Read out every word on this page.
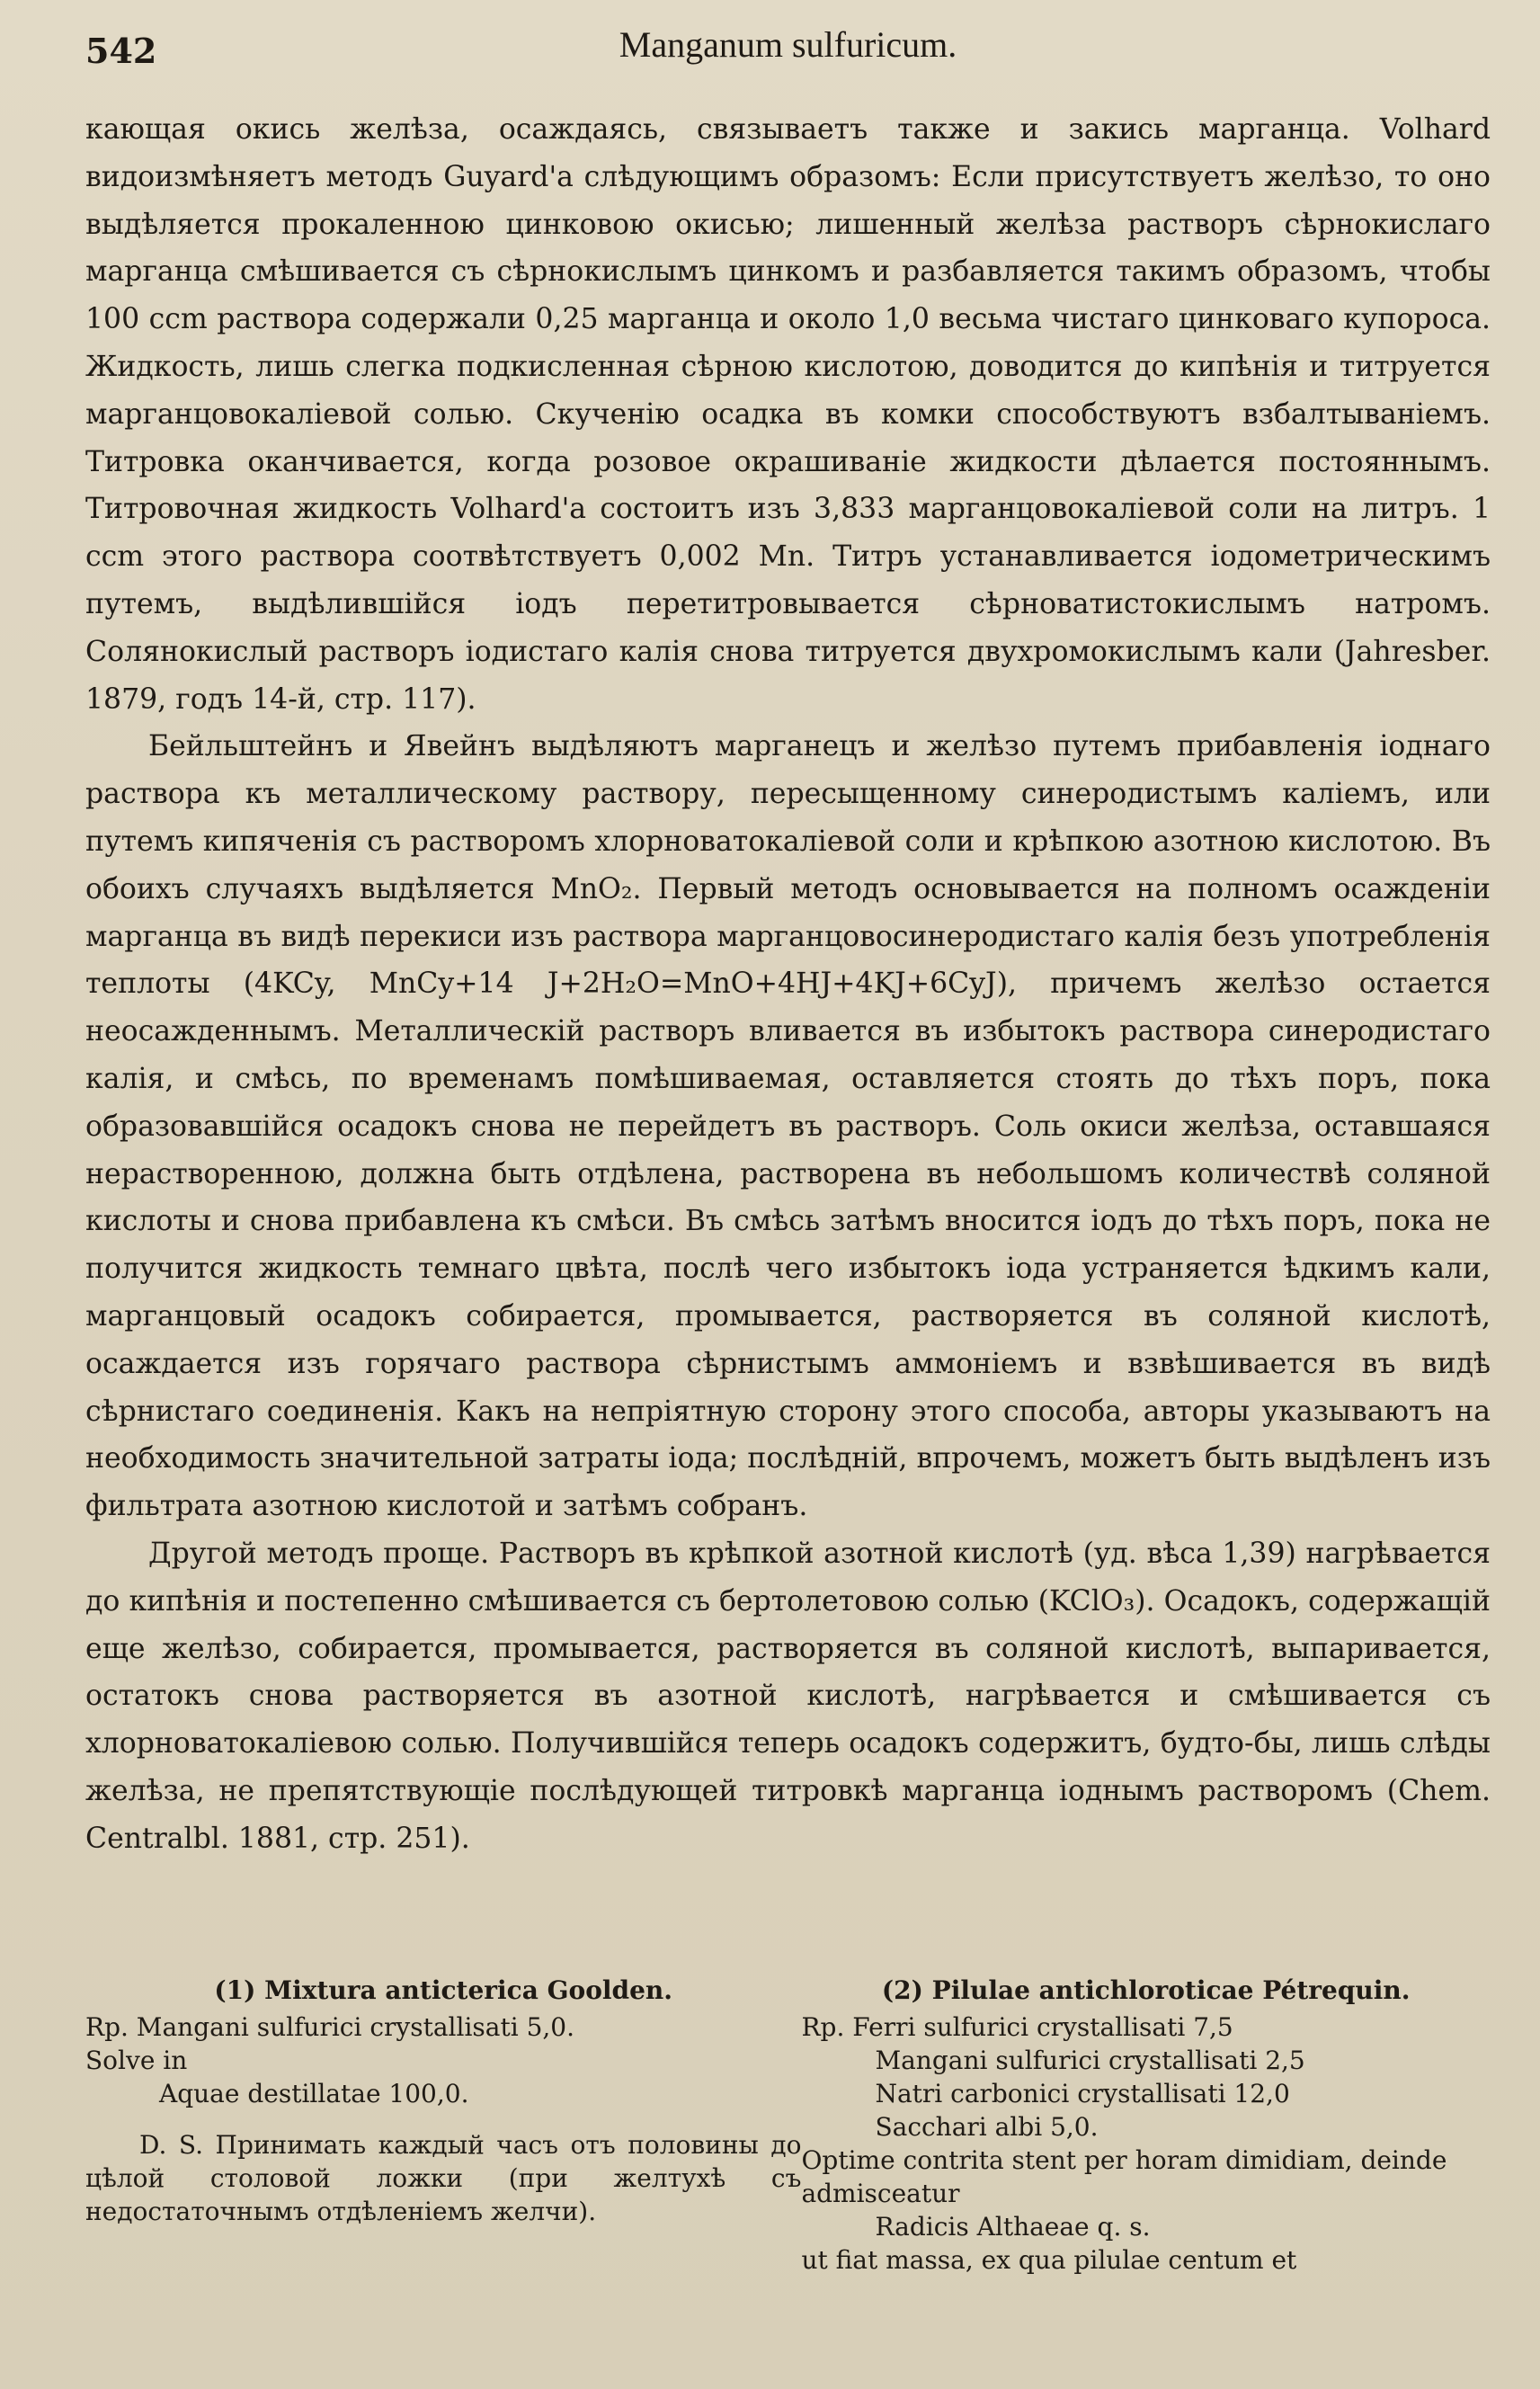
542	Manganum sulfuricum.

кающая окись желѣза, осаждаясь, связываетъ также и закись марганца. Volhard видоизмѣняетъ методъ Guyard'a слѣдующимъ образомъ: Если присутствуетъ желѣзо, то оно выдѣляется прокаленною цинковою окисью; лишенный желѣза растворъ сѣрнокислаго марганца смѣшивается съ сѣрнокислымъ цинкомъ и разбавляется такимъ образомъ, чтобы 100 ccm раствора содержали 0,25 марганца и около 1,0 весьма чистаго цинковаго купороса. Жидкость, лишь слегка подкисленная сѣрною кислотою, доводится до кипѣнія и титруется марганцовокаліевой солью. Скученію осадка въ комки способствуютъ взбалтываніемъ. Титровка оканчивается, когда розовое окрашиваніе жидкости дѣлается постояннымъ. Титровочная жидкость Volhard'a состоитъ изъ 3,833 марганцовокаліевой соли на литръ. 1 ccm этого раствора соотвѣтствуетъ 0,002 Mn. Титръ устанавливается іодометрическимъ путемъ, выдѣлившійся іодъ перетитровывается сѣрноватистокислымъ натромъ. Солянокислый растворъ іодистаго калія снова титруется двухромокислымъ кали (Jahresber. 1879, годъ 14-й, стр. 117).

Бейльштейнъ и Явейнъ выдѣляютъ марганецъ и желѣзо путемъ прибавленія іоднаго раствора къ металлическому раствору, пересыщенному синеродистымъ каліемъ, или путемъ кипяченія съ растворомъ хлорноватокаліевой соли и крѣпкою азотною кислотою. Въ обоихъ случаяхъ выдѣляется MnO₂. Первый методъ основывается на полномъ осажденіи марганца въ видѣ перекиси изъ раствора марганцовосинеродистаго калія безъ употребленія теплоты (4KCy, MnCy+14 J+2H₂O=MnO+4HJ+4KJ+6CyJ), причемъ желѣзо остается неосажденнымъ. Металлическій растворъ вливается въ избытокъ раствора синеродистаго калія, и смѣсь, по временамъ помѣшиваемая, оставляется стоять до тѣхъ поръ, пока образовавшійся осадокъ снова не перейдетъ въ растворъ. Соль окиси желѣза, оставшаяся нерастворенною, должна быть отдѣлена, растворена въ небольшомъ количествѣ соляной кислоты и снова прибавлена къ смѣси. Въ смѣсь затѣмъ вносится іодъ до тѣхъ поръ, пока не получится жидкость темнаго цвѣта, послѣ чего избытокъ іода устраняется ѣдкимъ кали, марганцовый осадокъ собирается, промывается, растворяется въ соляной кислотѣ, осаждается изъ горячаго раствора сѣрнистымъ аммоніемъ и взвѣшивается въ видѣ сѣрнистаго соединенія. Какъ на непріятную сторону этого способа, авторы указываютъ на необходимость значительной затраты іода; послѣдній, впрочемъ, можетъ быть выдѣленъ изъ фильтрата азотною кислотой и затѣмъ собранъ.

Другой методъ проще. Растворъ въ крѣпкой азотной кислотѣ (уд. вѣса 1,39) нагрѣвается до кипѣнія и постепенно смѣшивается съ бертолетовою солью (KClO₃). Осадокъ, содержащій еще желѣзо, собирается, промывается, растворяется въ соляной кислотѣ, выпаривается, остатокъ снова растворяется въ азотной кислотѣ, нагрѣвается и смѣшивается съ хлорноватокаліевою солью. Получившійся теперь осадокъ содержитъ, будто-бы, лишь слѣды желѣза, не препятствующіе послѣдующей титровкѣ марганца іоднымъ растворомъ (Chem. Centralbl. 1881, стр. 251).

(1) Mixtura anticterica Goolden.
Rp. Mangani sulfurici crystallisati 5,0.
Solve in
Aquae destillatae 100,0.
D. S. Принимать каждый часъ отъ половины до цѣлой столовой ложки (при желтухѣ съ недостаточнымъ отдѣленіемъ желчи).
(2) Pilulae antichloroticae Pétrequin.
Rp. Ferri sulfurici crystallisati 7,5
Mangani sulfurici crystallisati 2,5
Natri carbonici crystallisati 12,0
Sacchari albi 5,0.
Optime contrita stent per horam dimidiam, deinde admisceatur
Radicis Althaeae q. s.
ut fiat massa, ex qua pilulae centum et
